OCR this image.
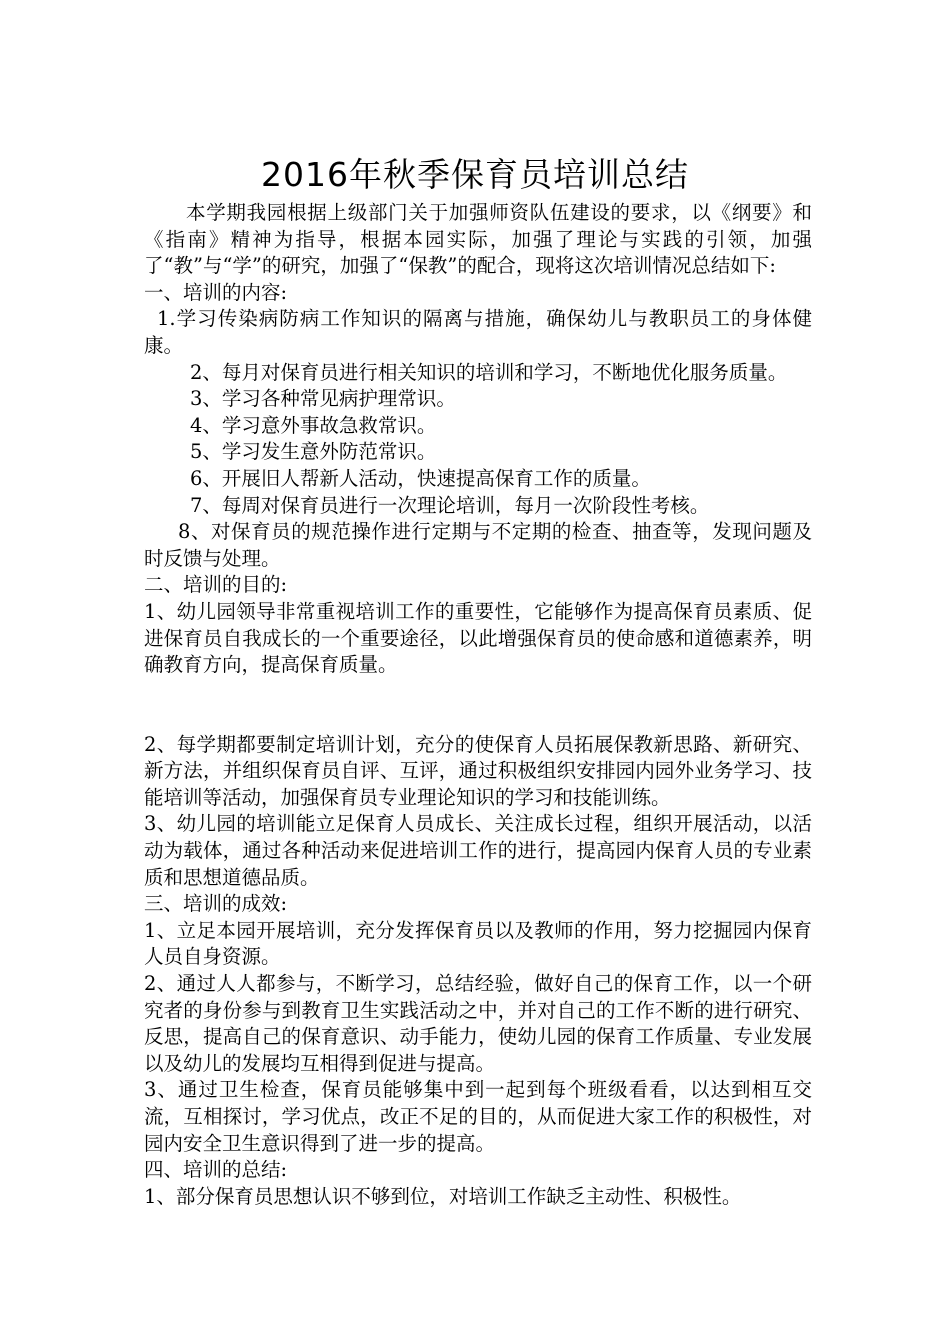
2016年秋季保育员培训总结

本学期我园根据上级部门关于加强师资队伍建设的要求，以《纲要》和《指南》精神为指导，根据本园实际，加强了理论与实践的引领，加强了“教”与“学”的研究，加强了“保教”的配合，现将这次培训情况总结如下:

一、培训的内容:

1.学习传染病防病工作知识的隔离与措施，确保幼儿与教职员工的身体健康。

2、每月对保育员进行相关知识的培训和学习，不断地优化服务质量。

3、学习各种常见病护理常识。

4、学习意外事故急救常识。

5、学习发生意外防范常识。

6、开展旧人帮新人活动，快速提高保育工作的质量。

7、每周对保育员进行一次理论培训，每月一次阶段性考核。

8、对保育员的规范操作进行定期与不定期的检查、抽查等，发现问题及时反馈与处理。

二、培训的目的:

1、幼儿园领导非常重视培训工作的重要性，它能够作为提高保育员素质、促进保育员自我成长的一个重要途径，以此增强保育员的使命感和道德素养，明确教育方向，提高保育质量。

2、每学期都要制定培训计划，充分的使保育人员拓展保教新思路、新研究、新方法，并组织保育员自评、互评，通过积极组织安排园内园外业务学习、技能培训等活动，加强保育员专业理论知识的学习和技能训练。

3、幼儿园的培训能立足保育人员成长、关注成长过程，组织开展活动，以活动为载体，通过各种活动来促进培训工作的进行，提高园内保育人员的专业素质和思想道德品质。

三、培训的成效:

1、立足本园开展培训，充分发挥保育员以及教师的作用，努力挖掘园内保育人员自身资源。

2、通过人人都参与，不断学习，总结经验，做好自己的保育工作，以一个研究者的身份参与到教育卫生实践活动之中，并对自己的工作不断的进行研究、反思，提高自己的保育意识、动手能力，使幼儿园的保育工作质量、专业发展以及幼儿的发展均互相得到促进与提高。

3、通过卫生检查，保育员能够集中到一起到每个班级看看，以达到相互交流，互相探讨，学习优点，改正不足的目的，从而促进大家工作的积极性，对园内安全卫生意识得到了进一步的提高。

四、培训的总结:

1、部分保育员思想认识不够到位，对培训工作缺乏主动性、积极性。
